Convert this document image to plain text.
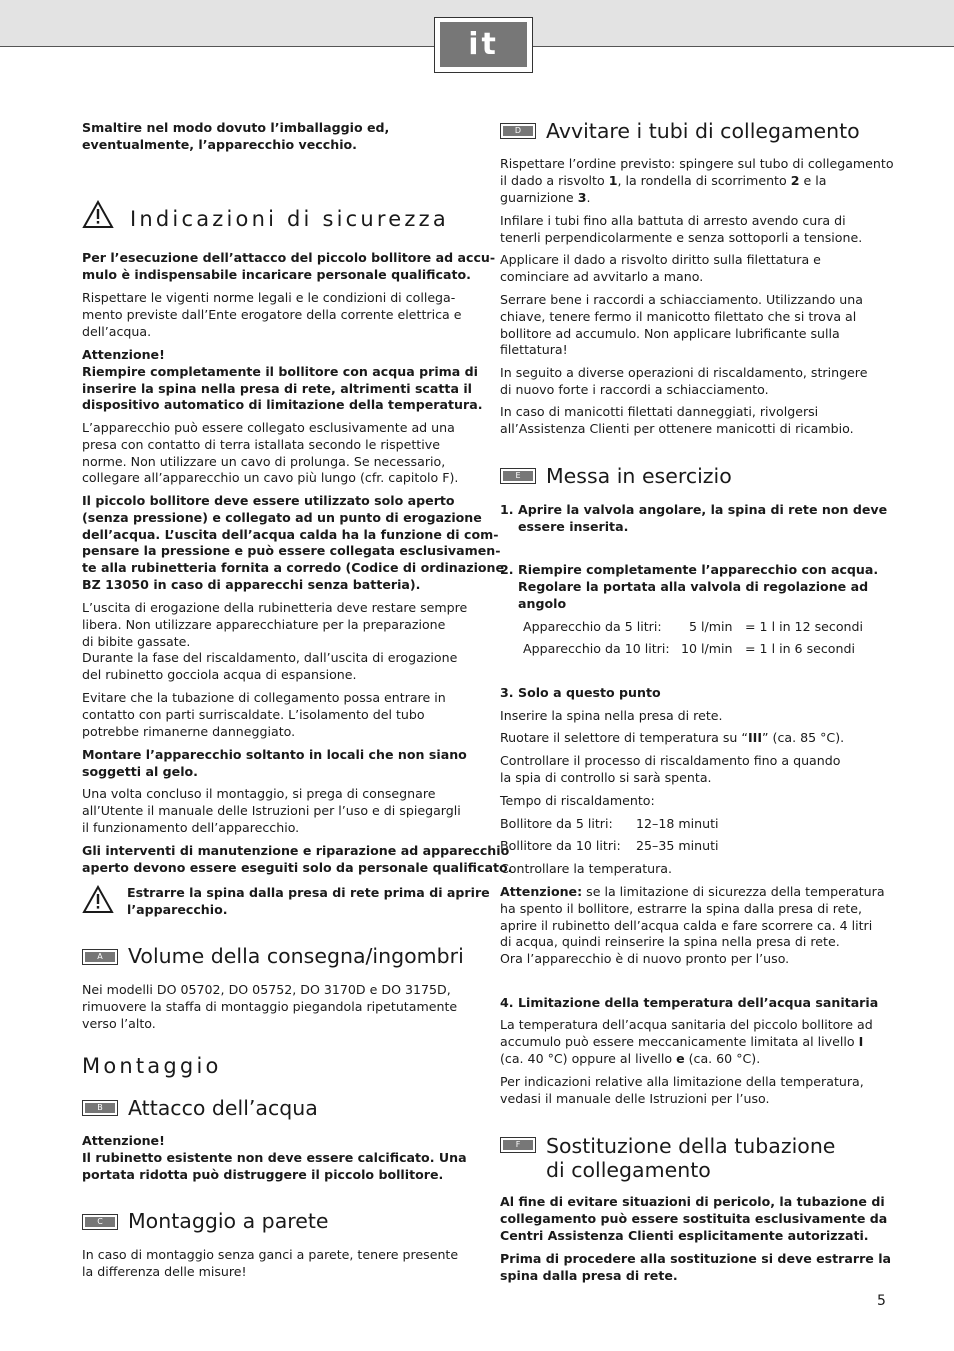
it

Smaltire nel modo dovuto l’imballaggio ed,
eventualmente, l’apparecchio vecchio.

Indicazioni di sicurezza

Per l’esecuzione dell’attacco del piccolo bollitore ad accu-
mulo è indispensabile incaricare personale qualificato.

Rispettare le vigenti norme legali e le condizioni di collega-
mento previste dall’Ente erogatore della corrente elettrica e
dell’acqua.

Attenzione!
Riempire completamente il bollitore con acqua prima di
inserire la spina nella presa di rete, altrimenti scatta il
dispositivo automatico di limitazione della temperatura.

L’apparecchio può essere collegato esclusivamente ad una
presa con contatto di terra istallata secondo le rispettive
norme. Non utilizzare un cavo di prolunga. Se necessario,
collegare all’apparecchio un cavo più lungo (cfr. capitolo F).

Il piccolo bollitore deve essere utilizzato solo aperto
(senza pressione) e collegato ad un punto di erogazione
dell’acqua. L’uscita dell’acqua calda ha la funzione di com-
pensare la pressione e può essere collegata esclusivamen-
te alla rubinetteria fornita a corredo (Codice di ordinazione
BZ 13050 in caso di apparecchi senza batteria).

L’uscita di erogazione della rubinetteria deve restare sempre
libera. Non utilizzare apparecchiature per la preparazione
di bibite gassate.
Durante la fase del riscaldamento, dall’uscita di erogazione
del rubinetto gocciola acqua di espansione.

Evitare che la tubazione di collegamento possa entrare in
contatto con parti surriscaldate. L’isolamento del tubo
potrebbe rimanerne danneggiato.

Montare l’apparecchio soltanto in locali che non siano
soggetti al gelo.

Una volta concluso il montaggio, si prega di consegnare
all’Utente il manuale delle Istruzioni per l’uso e di spiegargli
il funzionamento dell’apparecchio.

Gli interventi di manutenzione e riparazione ad apparecchio
aperto devono essere eseguiti solo da personale qualificato.

Estrarre la spina dalla presa di rete prima di aprire
l’apparecchio.

A	Volume della consegna/ingombri

Nei modelli DO 05702, DO 05752, DO 3170D e DO 3175D,
rimuovere la staffa di montaggio piegandola ripetutamente
verso l’alto.

Montaggio
B	Attacco dell’acqua

Attenzione!
Il rubinetto esistente non deve essere calcificato. Una
portata ridotta può distruggere il piccolo bollitore.

C	Montaggio a parete

In caso di montaggio senza ganci a parete, tenere presente
la differenza delle misure!

D	Avvitare i tubi di collegamento

Rispettare l’ordine previsto: spingere sul tubo di collegamento
il dado a risvolto 1, la rondella di scorrimento 2 e la
guarnizione 3.

Infilare i tubi fino alla battuta di arresto avendo cura di
tenerli perpendicolarmente e senza sottoporli a tensione.

Applicare il dado a risvolto diritto sulla filettatura e
cominciare ad avvitarlo a mano.

Serrare bene i raccordi a schiacciamento. Utilizzando una
chiave, tenere fermo il manicotto filettato che si trova al
bollitore ad accumulo. Non applicare lubrificante sulla
filettatura!

In seguito a diverse operazioni di riscaldamento, stringere
di nuovo forte i raccordi a schiacciamento.

In caso di manicotti filettati danneggiati, rivolgersi
all’Assistenza Clienti per ottenere manicotti di ricambio.

E	Messa in esercizio

1. Aprire la valvola angolare, la spina di rete non deve
essere inserita.

2. Riempire completamente l’apparecchio con acqua.
Regolare la portata alla valvola di regolazione ad
angolo

Apparecchio da 5 litri: 5 l/min = 1 l in 12 secondi
Apparecchio da 10 litri: 10 l/min = 1 l in 6 secondi

3. Solo a questo punto

Inserire la spina nella presa di rete.

Ruotare il selettore di temperatura su “III” (ca. 85 °C).

Controllare il processo di riscaldamento fino a quando
la spia di controllo si sarà spenta.

Tempo di riscaldamento:

Bollitore da 5 litri: 12–18 minuti
Bollitore da 10 litri: 25–35 minuti

Controllare la temperatura.

Attenzione: se la limitazione di sicurezza della temperatura
ha spento il bollitore, estrarre la spina dalla presa di rete,
aprire il rubinetto dell’acqua calda e fare scorrere ca. 4 litri
di acqua, quindi reinserire la spina nella presa di rete.
Ora l’apparecchio è di nuovo pronto per l’uso.

4. Limitazione della temperatura dell’acqua sanitaria

La temperatura dell’acqua sanitaria del piccolo bollitore ad
accumulo può essere meccanicamente limitata al livello I
(ca. 40 °C) oppure al livello e (ca. 60 °C).

Per indicazioni relative alla limitazione della temperatura,
vedasi il manuale delle Istruzioni per l’uso.

F	Sostituzione della tubazione
di collegamento

Al fine di evitare situazioni di pericolo, la tubazione di
collegamento può essere sostituita esclusivamente da
Centri Assistenza Clienti esplicitamente autorizzati.

Prima di procedere alla sostituzione si deve estrarre la
spina dalla presa di rete.

5
